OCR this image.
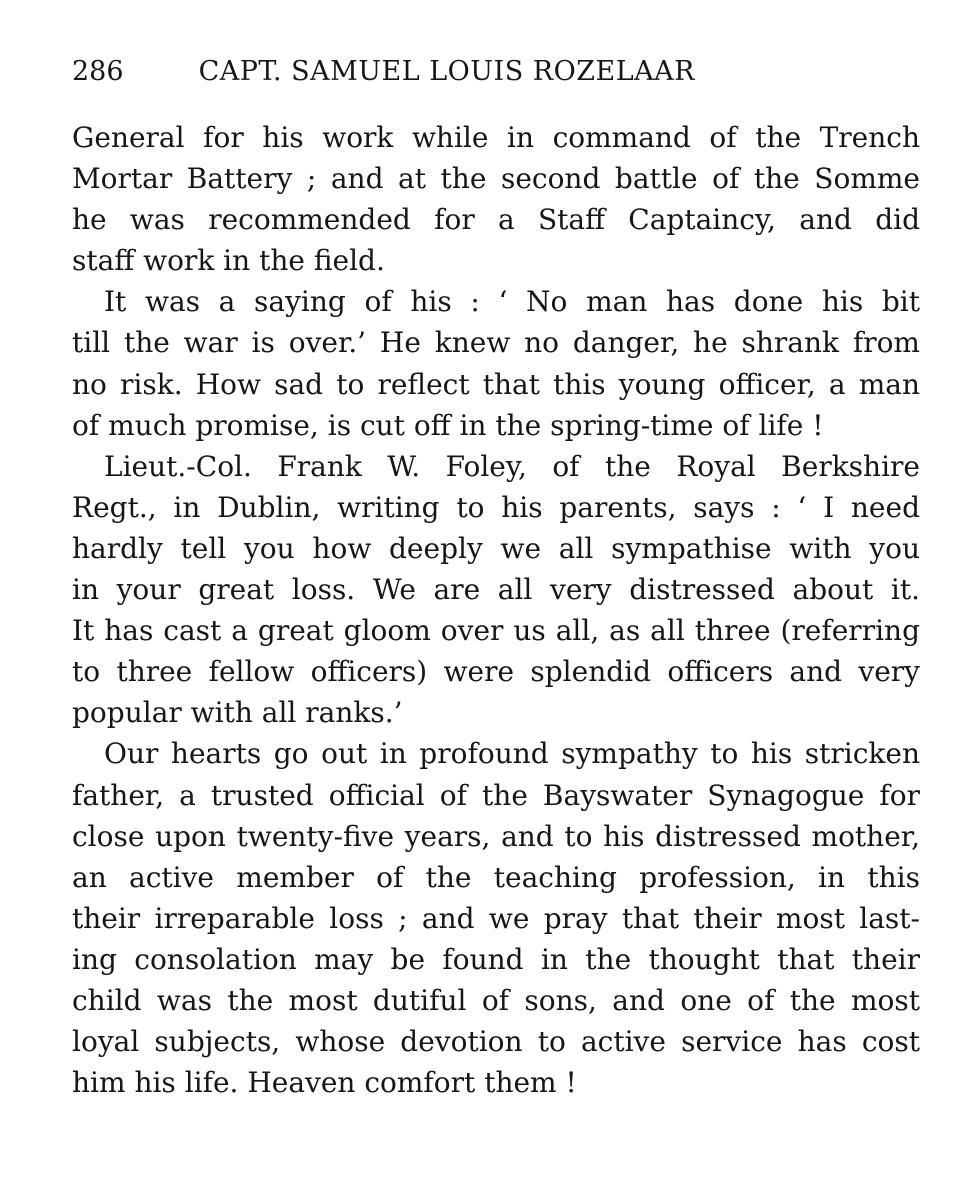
286	CAPT. SAMUEL LOUIS ROZELAAR
General for his work while in command of the Trench
Mortar Battery ; and at the second battle of the Somme
he was recommended for a Staff Captaincy, and did
staff work in the field.
It was a saying of his : ‘ No man has done his bit
till the war is over.’ He knew no danger, he shrank from
no risk. How sad to reflect that this young officer, a man
of much promise, is cut off in the spring-time of life !
Lieut.-Col. Frank W. Foley, of the Royal Berkshire
Regt., in Dublin, writing to his parents, says : ‘ I need
hardly tell you how deeply we all sympathise with you
in your great loss. We are all very distressed about it.
It has cast a great gloom over us all, as all three (referring
to three fellow officers) were splendid officers and very
popular with all ranks.’
Our hearts go out in profound sympathy to his stricken
father, a trusted official of the Bayswater Synagogue for
close upon twenty-five years, and to his distressed mother,
an active member of the teaching profession, in this
their irreparable loss ; and we pray that their most last-
ing consolation may be found in the thought that their
child was the most dutiful of sons, and one of the most
loyal subjects, whose devotion to active service has cost
him his life. Heaven comfort them !
